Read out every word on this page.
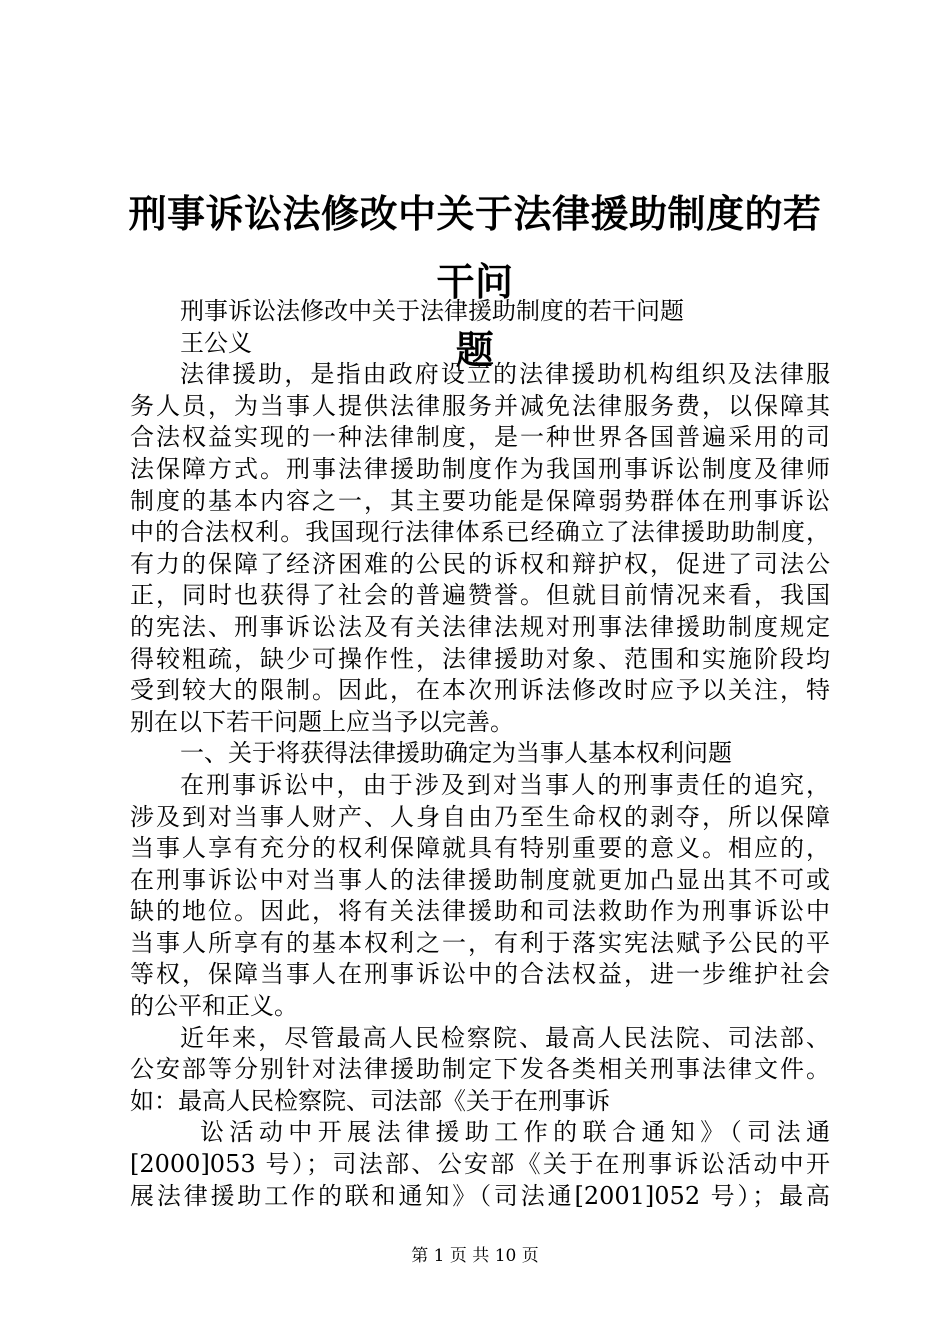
刑事诉讼法修改中关于法律援助制度的若干问
题
刑事诉讼法修改中关于法律援助制度的若干问题
王公义
法律援助，是指由政府设立的法律援助机构组织及法律服
务人员，为当事人提供法律服务并减免法律服务费，以保障其
合法权益实现的一种法律制度，是一种世界各国普遍采用的司
法保障方式。刑事法律援助制度作为我国刑事诉讼制度及律师
制度的基本内容之一，其主要功能是保障弱势群体在刑事诉讼
中的合法权利。我国现行法律体系已经确立了法律援助助制度，
有力的保障了经济困难的公民的诉权和辩护权，促进了司法公
正，同时也获得了社会的普遍赞誉。但就目前情况来看，我国
的宪法、刑事诉讼法及有关法律法规对刑事法律援助制度规定
得较粗疏，缺少可操作性，法律援助对象、范围和实施阶段均
受到较大的限制。因此，在本次刑诉法修改时应予以关注，特
别在以下若干问题上应当予以完善。
一、关于将获得法律援助确定为当事人基本权利问题
在刑事诉讼中，由于涉及到对当事人的刑事责任的追究，
涉及到对当事人财产、人身自由乃至生命权的剥夺，所以保障
当事人享有充分的权利保障就具有特别重要的意义。相应的，
在刑事诉讼中对当事人的法律援助制度就更加凸显出其不可或
缺的地位。因此，将有关法律援助和司法救助作为刑事诉讼中
当事人所享有的基本权利之一，有利于落实宪法赋予公民的平
等权，保障当事人在刑事诉讼中的合法权益，进一步维护社会
的公平和正义。
近年来，尽管最高人民检察院、最高人民法院、司法部、
公安部等分别针对法律援助制定下发各类相关刑事法律文件。
如：最高人民检察院、司法部《关于在刑事诉
讼活动中开展法律援助工作的联合通知》（司法通
[2000]053 号）；司法部、公安部《关于在刑事诉讼活动中开
展法律援助工作的联和通知》（司法通[2001]052 号）；最高
第 1 页 共 10 页
